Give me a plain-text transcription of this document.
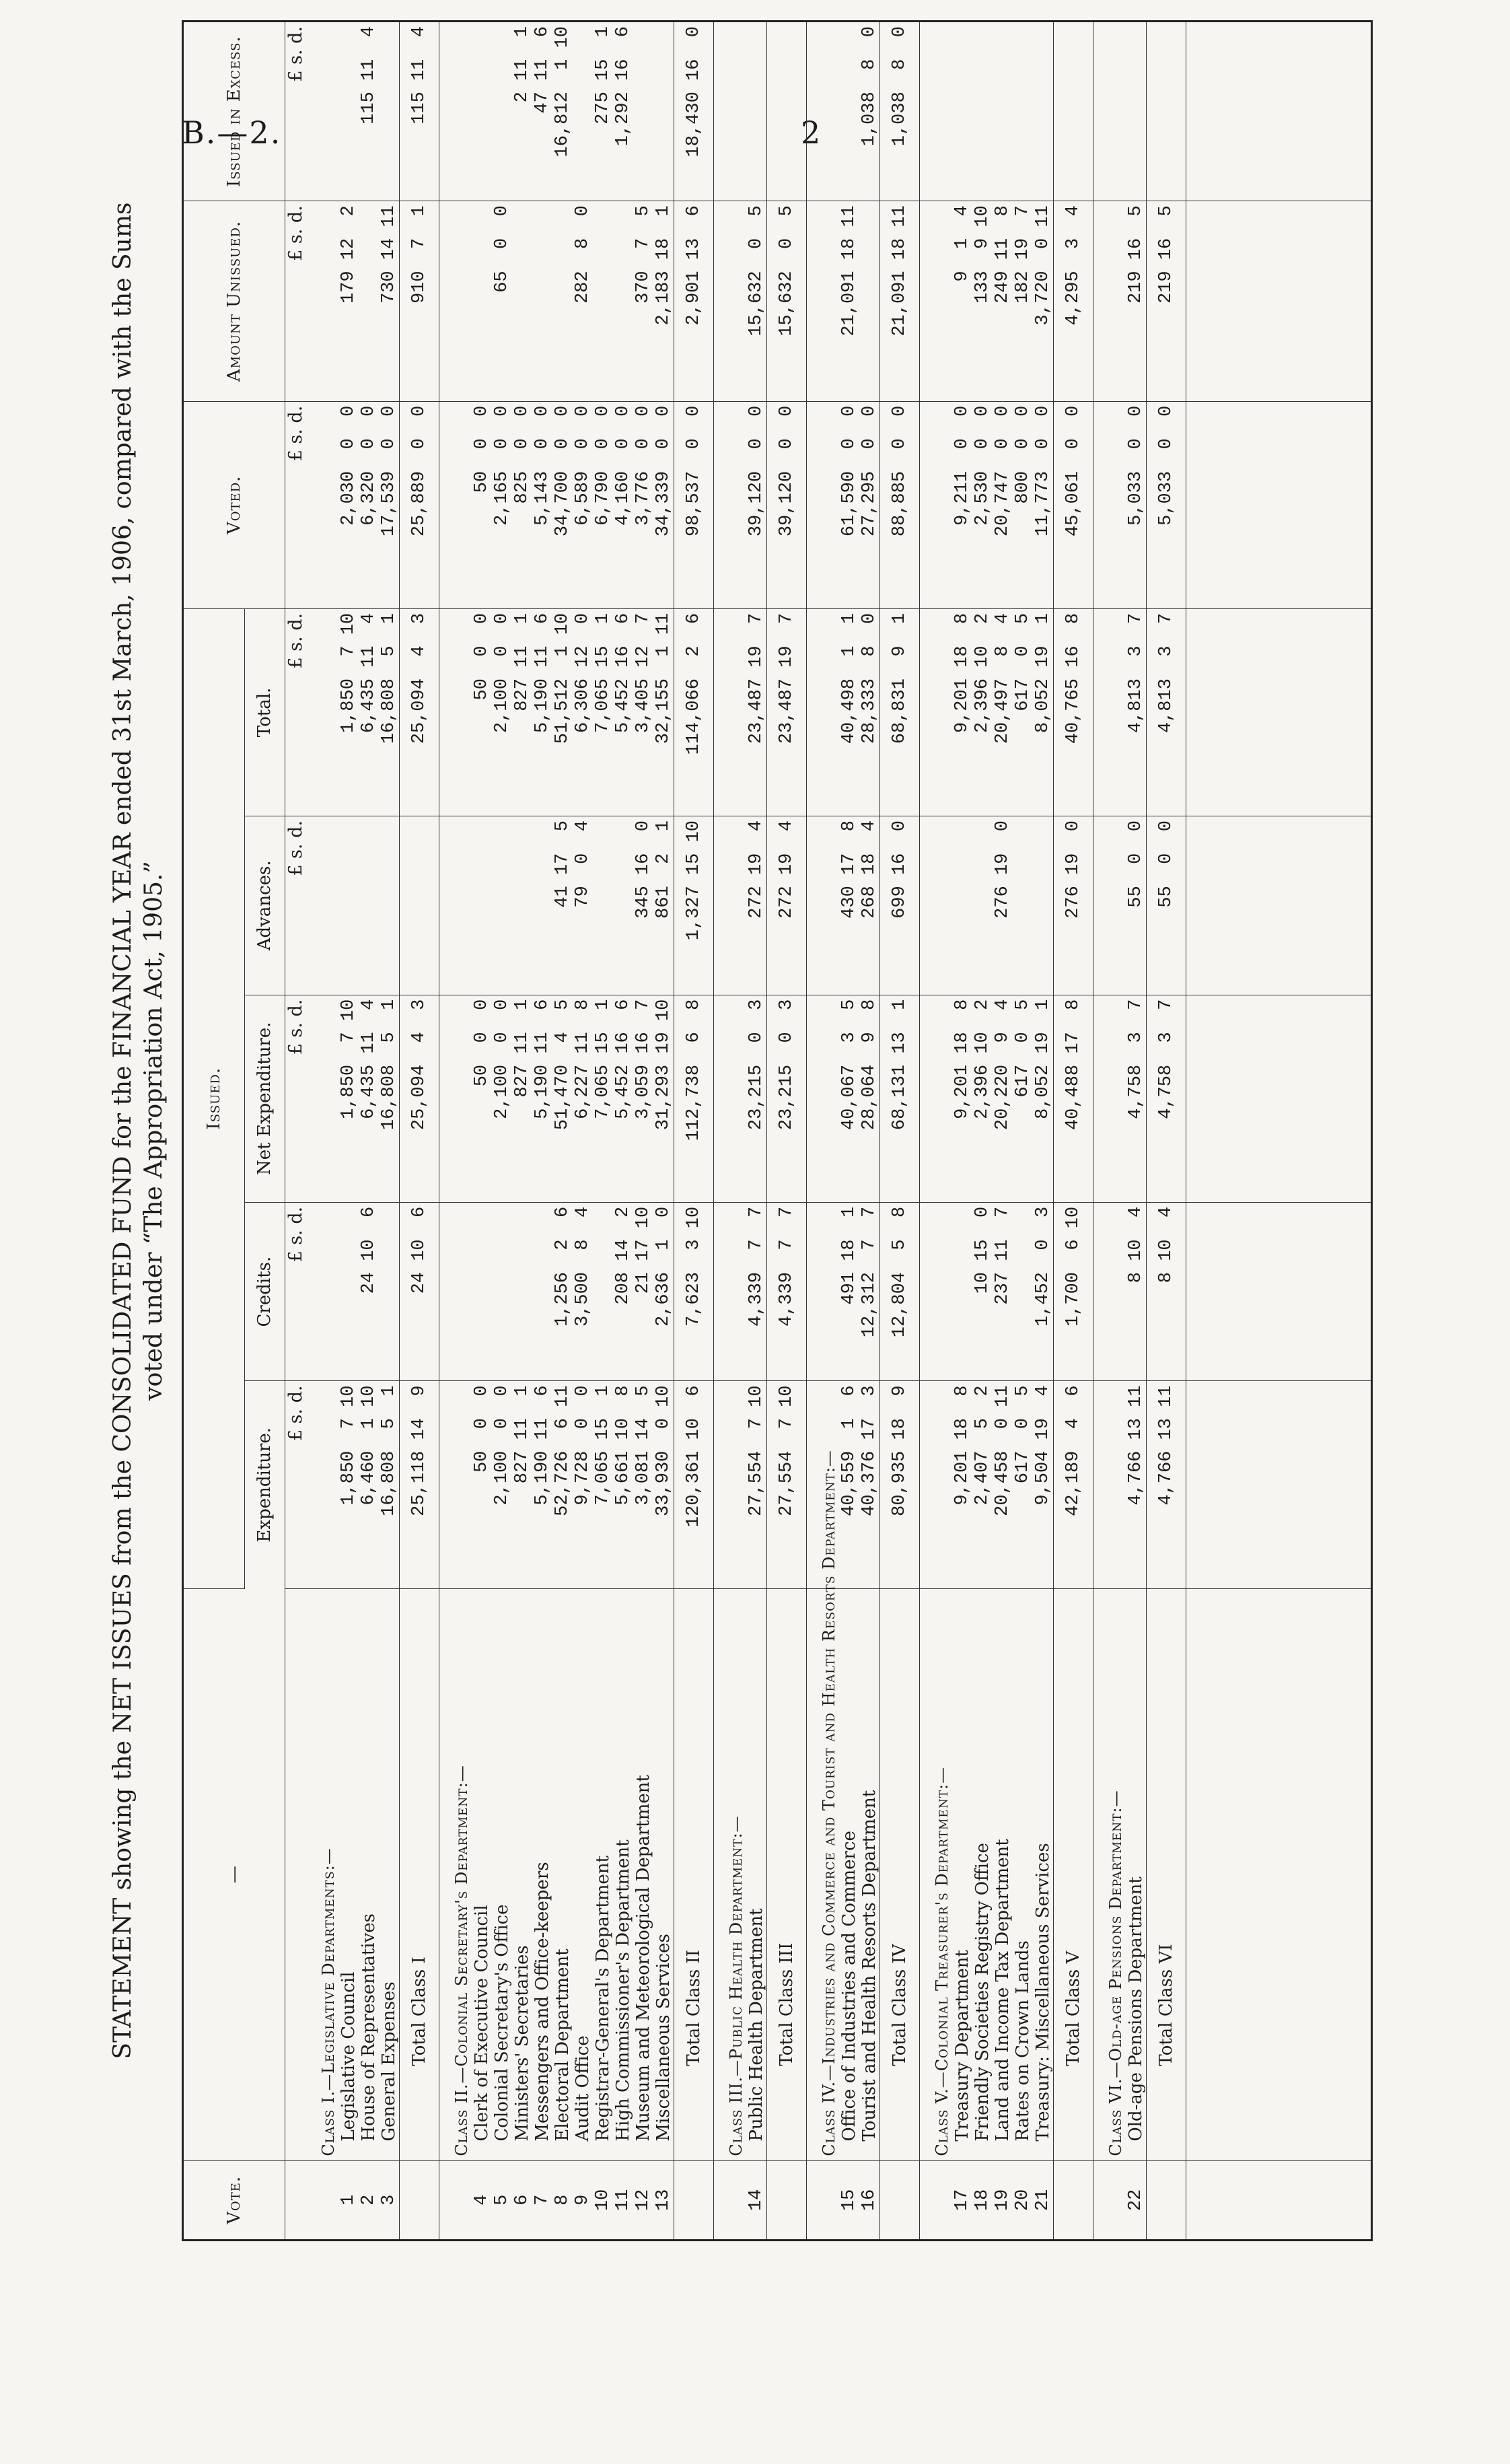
B.—2.	2
STATEMENT showing the NET ISSUES from the CONSOLIDATED FUND for the FINANCIAL YEAR ended 31st March, 1906, compared with the Sums voted under “The Appropriation Act, 1905.”
Vote.	—	Issued.					Voted.	Amount Unissued.	Issued in Excess.
		Expenditure.	Credits.	Net Expenditure.	Advances.	Total.			
		£ s. d.	£ s. d.	£ s. d.	£ s. d.	£ s. d.	£ s. d.	£ s. d.	£ s. d.
	Class I.—Legislative Departments:—								
1	Legislative Council	1,850  7 10		1,850  7 10		1,850  7 10	2,030  0  0	179 12  2	
2	House of Representatives	6,460  1 10	24 10  6	6,435 11  4		6,435 11  4	6,320  0  0		115 11  4
3	General Expenses	16,808  5  1		16,808  5  1		16,808  5  1	17,539  0  0	730 14 11	
	Total Class I	25,118 14  9	24 10  6	25,094  4  3		25,094  4  3	25,889  0  0	910  7  1	115 11  4
	Class II.—Colonial Secretary's Department:—								
4	Clerk of Executive Council	50  0  0		50  0  0		50  0  0	50  0  0		
5	Colonial Secretary's Office	2,100  0  0		2,100  0  0		2,100  0  0	2,165  0  0	65  0  0	
6	Ministers' Secretaries	827 11  1		827 11  1		827 11  1	825  0  0		2 11  1
7	Messengers and Office-keepers	5,190 11  6		5,190 11  6		5,190 11  6	5,143  0  0		47 11  6
8	Electoral Department	52,726  6 11	1,256  2  6	51,470  4  5	41 17  5	51,512  1 10	34,700  0  0		16,812  1 10
9	Audit Office	9,728  0  0	3,500  8  4	6,227 11  8	79  0  4	6,306 12  0	6,589  0  0	282  8  0	
10	Registrar-General's Department	7,065 15  1		7,065 15  1		7,065 15  1	6,790  0  0		275 15  1
11	High Commissioner's Department	5,661 10  8	208 14  2	5,452 16  6		5,452 16  6	4,160  0  0		1,292 16  6
12	Museum and Meteorological Department	3,081 14  5	21 17 10	3,059 16  7	345 16  0	3,405 12  7	3,776  0  0	370  7  5	
13	Miscellaneous Services	33,930  0 10	2,636  1  0	31,293 19 10	861  2  1	32,155  1 11	34,339  0  0	2,183 18  1	
	Total Class II	120,361 10  6	7,623  3 10	112,738  6  8	1,327 15 10	114,066  2  6	98,537  0  0	2,901 13  6	18,430 16  0
	Class III.—Public Health Department:—								
14	Public Health Department	27,554  7 10	4,339  7  7	23,215  0  3	272 19  4	23,487 19  7	39,120  0  0	15,632  0  5	
	Total Class III	27,554  7 10	4,339  7  7	23,215  0  3	272 19  4	23,487 19  7	39,120  0  0	15,632  0  5	
	Class IV.—Industries and Commerce and Tourist and Health Resorts Department:—								
15	Office of Industries and Commerce	40,559  1  6	491 18  1	40,067  3  5	430 17  8	40,498  1  1	61,590  0  0	21,091 18 11	
16	Tourist and Health Resorts Department	40,376 17  3	12,312  7  7	28,064  9  8	268 18  4	28,333  8  0	27,295  0  0		1,038  8  0
	Total Class IV	80,935 18  9	12,804  5  8	68,131 13  1	699 16  0	68,831  9  1	88,885  0  0	21,091 18 11	1,038  8  0
	Class V.—Colonial Treasurer's Department:—								
17	Treasury Department	9,201 18  8		9,201 18  8		9,201 18  8	9,211  0  0	9  1  4	
18	Friendly Societies Registry Office	2,407  5  2	10 15  0	2,396 10  2		2,396 10  2	2,530  0  0	133  9 10	
19	Land and Income Tax Department	20,458  0 11	237 11  7	20,220  9  4	276 19  0	20,497  8  4	20,747  0  0	249 11  8	
20	Rates on Crown Lands	617  0  5		617  0  5		617  0  5	800  0  0	182 19  7	
21	Treasury: Miscellaneous Services	9,504 19  4	1,452  0  3	8,052 19  1		8,052 19  1	11,773  0  0	3,720  0 11	
	Total Class V	42,189  4  6	1,700  6 10	40,488 17  8	276 19  0	40,765 16  8	45,061  0  0	4,295  3  4	
	Class VI.—Old-age Pensions Department:—								
22	Old-age Pensions Department	4,766 13 11	8 10  4	4,758  3  7	55  0  0	4,813  3  7	5,033  0  0	219 16  5	
	Total Class VI	4,766 13 11	8 10  4	4,758  3  7	55  0  0	4,813  3  7	5,033  0  0	219 16  5	
